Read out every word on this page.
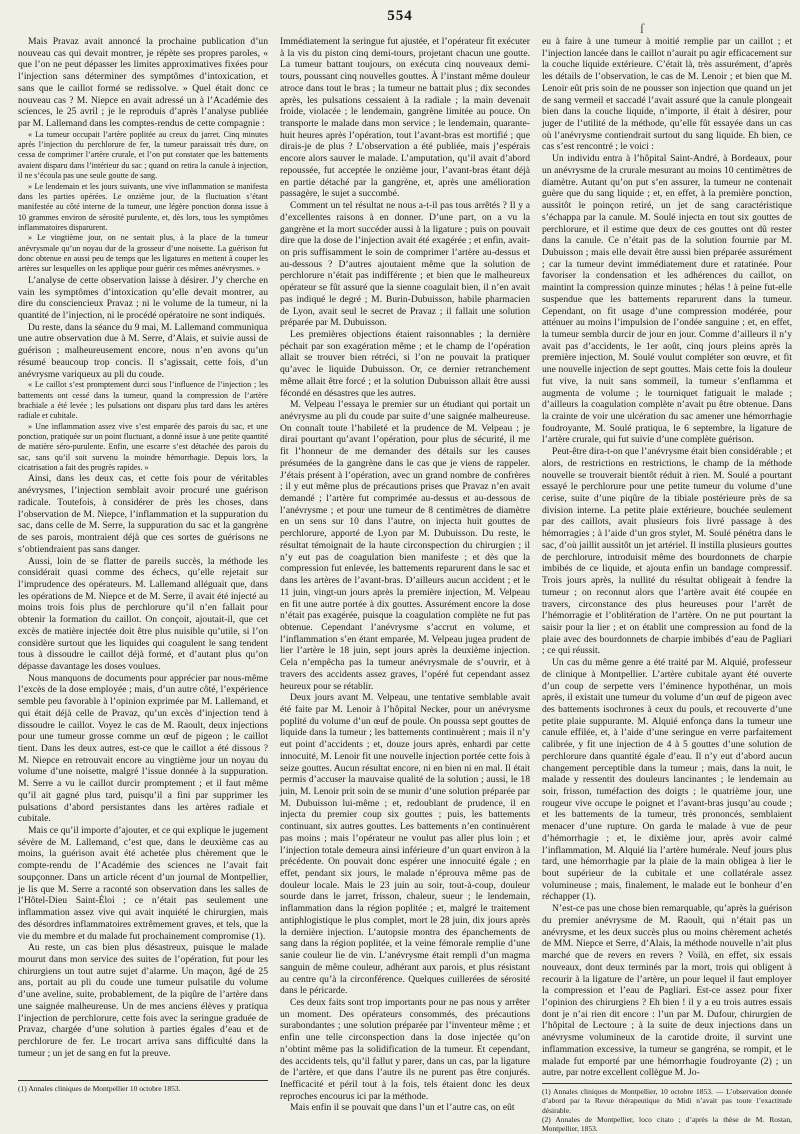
554
ſ

Mais Pravaz avait annoncé la prochaine publication d’un nouveau cas qui devait montrer, je répète ses propres paroles, « que l’on ne peut dépasser les limites approximatives fixées pour l’injection sans déterminer des symptômes d’intoxication, et sans que le caillot formé se redissolve. » Quel était donc ce nouveau cas ? M. Niepce en avait adressé un à l’Académie des sciences, le 25 avril ; je le reproduis d’après l’analyse publiée par M. Lallemand dans les comptes-rendus de cette compagnie :

« La tumeur occupait l’artère poplitée au creux du jarret. Cinq minutes après l’injection du perchlorure de fer, la tumeur paraissait très dure, on cessa de comprimer l’artère crurale, et l’on put constater que les battements avaient disparu dans l’intérieur du sac ; quand on retira la canule à injection, il ne s’écoula pas une seule goutte de sang.

» Le lendemain et les jours suivants, une vive inflammation se manifesta dans les parties opérées. Le onzième jour, de la fluctuation s’étant manifestée au côté interne de la tumeur, une légère ponction donna issue à 10 grammes environ de sérosité purulente, et, dès lors, tous les symptômes inflammatoires disparurent.

» Le vingtième jour, on ne sentait plus, à la place de la tumeur anévrysmale qu’un noyau dur de la grosseur d’une noisette. La guérison fut donc obtenue en aussi peu de temps que les ligatures en mettent à couper les artères sur lesquelles on les applique pour guérir ces mêmes anévrysmes. »

L’analyse de cette observation laisse à désirer. J’y cherche en vain les symptômes d’intoxication qu’elle devait montrer, au dire du consciencieux Pravaz ; ni le volume de la tumeur, ni la quantité de l’injection, ni le procédé opératoire ne sont indiqués.

Du reste, dans la séance du 9 mai, M. Lallemand communiqua une autre observation due à M. Serre, d’Alais, et suivie aussi de guérison ; malheureusement encore, nous n’en avons qu’un résumé beaucoup trop concis. Il s’agissait, cette fois, d’un anévrysme variqueux au pli du coude.

« Le caillot s’est promptement durci sous l’influence de l’injection ; les battements ont cessé dans la tumeur, quand la compression de l’artère brachiale a été levée ; les pulsations ont disparu plus tard dans les artères radiale et cubitale.

» Une inflammation assez vive s’est emparée des parois du sac, et une ponction, pratiquée sur un point fluctuant, a donné issue à une petite quantité de matière séro-purulente. Enfin, une escarre s’est détachée des parois du sac, sans qu’il soit survenu la moindre hémorrhagie. Depuis lors, la cicatrisation a fait des progrès rapides. »

Ainsi, dans les deux cas, et cette fois pour de véritables anévrysmes, l’injection semblait avoir procuré une guérison radicale. Toutefois, à considérer de près les choses, dans l’observation de M. Niepce, l’inflammation et la suppuration du sac, dans celle de M. Serre, la suppuration du sac et la gangrène de ses parois, montraient déjà que ces sortes de guérisons ne s’obtiendraient pas sans danger.

Aussi, loin de se flatter de pareils succès, la méthode les considérait quasi comme des échecs, qu’elle rejetait sur l’imprudence des opérateurs. M. Lallemand alléguait que, dans les opérations de M. Niepce et de M. Serre, il avait été injecté au moins trois fois plus de perchlorure qu’il n’en fallait pour obtenir la formation du caillot. On conçoit, ajoutait-il, que cet excès de matière injectée doit être plus nuisible qu’utile, si l’on considère surtout que les liquides qui coagulent le sang tendent tous à dissoudre le caillot déjà formé, et d’autant plus qu’on dépasse davantage les doses voulues.

Nous manquons de documents pour apprécier par nous-même l’excès de la dose employée ; mais, d’un autre côté, l’expérience semble peu favorable à l’opinion exprimée par M. Lallemand, et qui était déjà celle de Pravaz, qu’un excès d’injection tend à dissoudre le caillot. Voyez le cas de M. Raoult, deux injections pour une tumeur grosse comme un œuf de pigeon ; le caillot tient. Dans les deux autres, est-ce que le caillot a été dissous ? M. Niepce en retrouvait encore au vingtième jour un noyau du volume d’une noisette, malgré l’issue donnée à la suppuration. M. Serre a vu le caillot durcir promptement ; et il faut même qu’il ait gagné plus tard, puisqu’il a fini par supprimer les pulsations d’abord persistantes dans les artères radiale et cubitale.

Mais ce qu’il importe d’ajouter, et ce qui explique le jugement sévère de M. Lallemand, c’est que, dans le deuxième cas au moins, la guérison avait été achetée plus chèrement que le compte-rendu de l’Académie des sciences ne l’avait fait soupçonner. Dans un article récent d’un journal de Montpellier, je lis que M. Serre a raconté son observation dans les salles de l’Hôtel-Dieu Saint-Éloi ; ce n’était pas seulement une inflammation assez vive qui avait inquiété le chirurgien, mais des désordres inflammatoires extrêmement graves, et tels, que la vie du membre et du malade fut prochainement compromise (1).

Au reste, un cas bien plus désastreux, puisque le malade mourut dans mon service des suites de l’opération, fut pour les chirurgiens un tout autre sujet d’alarme. Un maçon, âgé de 25 ans, portait au pli du coude une tumeur pulsatile du volume d’une aveline, suite, probablement, de la piqûre de l’artère dans une saignée malheureuse. Un de mes anciens élèves y pratiqua l’injection de perchlorure, cette fois avec la seringue graduée de Pravaz, chargée d’une solution à parties égales d’eau et de perchlorure de fer. Le trocart arriva sans difficulté dans la tumeur ; un jet de sang en fut la preuve.

(1) Annales cliniques de Montpellier 10 octobre 1853.

Immédiatement la seringue fut ajustée, et l’opérateur fit exécuter à la vis du piston cinq demi-tours, projetant chacun une goutte. La tumeur battant toujours, on exécuta cinq nouveaux demi-tours, poussant cinq nouvelles gouttes. À l’instant même douleur atroce dans tout le bras ; la tumeur ne battait plus ; dix secondes après, les pulsations cessaient à la radiale ; la main devenait froide, violacée ; le lendemain, gangrène limitée au pouce. On transporte le malade dans mon service ; le lendemain, quarante-huit heures après l’opération, tout l’avant-bras est mortifié ; que dirais-je de plus ? L’observation a été publiée, mais j’espérais encore alors sauver le malade. L’amputation, qu’il avait d’abord repoussée, fut acceptée le onzième jour, l’avant-bras étant déjà en partie détaché par la gangrène, et, après une amélioration passagère, le sujet a succombé.

Comment un tel résultat ne nous a-t-il pas tous arrêtés ? Il y a d’excellentes raisons à en donner. D’une part, on a vu la gangrène et la mort succéder aussi à la ligature ; puis on pouvait dire que la dose de l’injection avait été exagérée ; et enfin, avait-on pris suffisamment le soin de comprimer l’artère au-dessus et au-dessous ? D’autres ajoutaient même que la solution de perchlorure n’était pas indifférente ; et bien que le malheureux opérateur se fût assuré que la sienne coagulait bien, il n’en avait pas indiqué le degré ; M. Burin-Dubuisson, habile pharmacien de Lyon, avait seul le secret de Pravaz ; il fallait une solution préparée par M. Dubuisson.

Les premières objections étaient raisonnables ; la dernière péchait par son exagération même ; et le champ de l’opération allait se trouver bien rétréci, si l’on ne pouvait la pratiquer qu’avec le liquide Dubuisson. Or, ce dernier retranchement même allait être forcé ; et la solution Dubuisson allait être aussi fécondé en désastres que les autres.

M. Velpeau l’essaya le premier sur un étudiant qui portait un anévrysme au pli du coude par suite d’une saignée malheureuse. On connaît toute l’habileté et la prudence de M. Velpeau ; je dirai pourtant qu’avant l’opération, pour plus de sécurité, il me fit l’honneur de me demander des détails sur les causes présumées de la gangrène dans le cas que je viens de rappeler. J’étais présent à l’opération, avec un grand nombre de confrères ; il y eut même plus de précautions prises que Pravaz n’en avait demandé ; l’artère fut comprimée au-dessus et au-dessous de l’anévrysme ; et pour une tumeur de 8 centimètres de diamètre en un sens sur 10 dans l’autre, on injecta huit gouttes de perchlorure, apporté de Lyon par M. Dubuisson. Du reste, le résultat témoignait de la haute circonspection du chirurgien ; il n’y eut pas de coagulation bien manifeste ; et dès que la compression fut enlevée, les battements reparurent dans le sac et dans les artères de l’avant-bras. D’ailleurs aucun accident ; et le 11 juin, vingt-un jours après la première injection, M. Velpeau en fit une autre portée à dix gouttes. Assurément encore la dose n’était pas exagérée, puisque la coagulation complète ne fut pas obtenue. Cependant l’anévrysme s’accrut en volume, et l’inflammation s’en étant emparée, M. Velpeau jugea prudent de lier l’artère le 18 juin, sept jours après la deuxième injection. Cela n’empêcha pas la tumeur anévrysmale de s’ouvrir, et à travers des accidents assez graves, l’opéré fut cependant assez heureux pour se rétablir.

Deux jours avant M. Velpeau, une tentative semblable avait été faite par M. Lenoir à l’hôpital Necker, pour un anévrysme poplité du volume d’un œuf de poule. On poussa sept gouttes de liquide dans la tumeur ; les battements continuèrent ; mais il n’y eut point d’accidents ; et, douze jours après, enhardi par cette innocuité, M. Lenoir fit une nouvelle injection portée cette fois à seize gouttes. Aucun résultat encore, ni en bien ni en mal. Il était permis d’accuser la mauvaise qualité de la solution ; aussi, le 18 juin, M. Lenoir prit soin de se munir d’une solution préparée par M. Dubuisson lui-même ; et, redoublant de prudence, il en injecta du premier coup six gouttes ; puis, les battements continuant, six autres gouttes. Les battements n’en continuèrent pas moins ; mais l’opérateur ne voulut pas aller plus loin ; et l’injection totale demeura ainsi inférieure d’un quart environ à la précédente. On pouvait donc espérer une innocuité égale ; en effet, pendant six jours, le malade n’éprouva même pas de douleur locale. Mais le 23 juin au soir, tout-à-coup, douleur sourde dans le jarret, frisson, chaleur, sueur ; le lendemain, inflammation dans la région poplitée ; et, malgré le traitement antiphlogistique le plus complet, mort le 28 juin, dix jours après la dernière injection. L’autopsie montra des épanchements de sang dans la région poplitée, et la veine fémorale remplie d’une sanie couleur lie de vin. L’anévrysme était rempli d’un magma sanguin de même couleur, adhérant aux parois, et plus résistant au centre qu’à la circonférence. Quelques cuillerées de sérosité dans le péricarde.

Ces deux faits sont trop importants pour ne pas nous y arrêter un moment. Des opérateurs consommés, des précautions surabondantes ; une solution préparée par l’inventeur même ; et enfin une telle circonspection dans la dose injectée qu’on n’obtint même pas la solidification de la tumeur. Et cependant, des accidents tels, qu’il fallut y parer, dans un cas, par la ligature de l’artère, et que dans l’autre ils ne purent pas être conjurés. Inefficacité et péril tout à la fois, tels étaient donc les deux reproches encourus ici par la méthode.

Mais enfin il se pouvait que dans l’un et l’autre cas, on eût

eu à faire à une tumeur à moitié remplie par un caillot ; et l’injection lancée dans le caillot n’aurait pu agir efficacement sur la couche liquide extérieure. C’était là, très assurément, d’après les détails de l’observation, le cas de M. Lenoir ; et bien que M. Lenoir eût pris soin de ne pousser son injection que quand un jet de sang vermeil et saccadé l’avait assuré que la canule plongeait bien dans la couche liquide, n’importe, il était à désirer, pour juger de l’utilité de la méthode, qu’elle fût essayée dans un cas où l’anévrysme contiendrait surtout du sang liquide. Eh bien, ce cas s’est rencontré ; le voici :

Un individu entra à l’hôpital Saint-André, à Bordeaux, pour un anévrysme de la crurale mesurant au moins 10 centimètres de diamètre. Autant qu’on put s’en assurer, la tumeur ne contenait guère que du sang liquide ; et, en effet, à la première ponction, aussitôt le poinçon retiré, un jet de sang caractéristique s’échappa par la canule. M. Soulé injecta en tout six gouttes de perchlorure, et il estime que deux de ces gouttes ont dû rester dans la canule. Ce n’était pas de la solution fournie par M. Dubuisson ; mais elle devait être aussi bien préparée assurément ; car la tumeur devint immédiatement dure et ratatinée. Pour favoriser la condensation et les adhérences du caillot, on maintint la compression quinze minutes ; hélas ! à peine fut-elle suspendue que les battements reparurent dans la tumeur. Cependant, on fit usage d’une compression modérée, pour atténuer au moins l’impulsion de l’ondée sanguine ; et, en effet, la tumeur sembla durcir de jour en jour. Comme d’ailleurs il n’y avait pas d’accidents, le 1er août, cinq jours pleins après la première injection, M. Soulé voulut compléter son œuvre, et fit une nouvelle injection de sept gouttes. Mais cette fois la douleur fut vive, la nuit sans sommeil, la tumeur s’enflamma et augmenta de volume ; le tourniquet fatiguait le malade ; d’ailleurs la coagulation complète n’avait pu être obtenue. Dans la crainte de voir une ulcération du sac amener une hémorrhagie foudroyante, M. Soulé pratiqua, le 6 septembre, la ligature de l’artère crurale, qui fut suivie d’une complète guérison.

Peut-être dira-t-on que l’anévrysme était bien considérable ; et alors, de restrictions en restrictions, le champ de la méthode nouvelle se trouverait bientôt réduit à rien. M. Soulé a pourtant essayé le perchlorure pour une petite tumeur du volume d’une cerise, suite d’une piqûre de la tibiale postérieure près de sa division interne. La petite plaie extérieure, bouchée seulement par des caillots, avait plusieurs fois livré passage à des hémorragies ; à l’aide d’un gros stylet, M. Soulé pénétra dans le sac, d’où jaillit aussitôt un jet artériel. Il instilla plusieurs gouttes de perchlorure, introduisit même des bourdonnets de charpie imbibés de ce liquide, et ajouta enfin un bandage compressif. Trois jours après, la nullité du résultat obligeait à fendre la tumeur ; on reconnut alors que l’artère avait été coupée en travers, circonstance des plus heureuses pour l’arrêt de l’hémorragie et l’oblitération de l’artère. On ne put pourtant la saisir pour la lier ; et on établit une compression au fond de la plaie avec des bourdonnets de charpie imbibés d’eau de Pagliari ; ce qui réussit.

Un cas du même genre a été traité par M. Alquié, professeur de clinique à Montpellier. L’artère cubitale ayant été ouverte d’un coup de serpette vers l’éminence hypothénar, un mois après, il existait une tumeur du volume d’un œuf de pigeon avec des battements isochrones à ceux du pouls, et recouverte d’une petite plaie suppurante. M. Alquié enfonça dans la tumeur une canule effilée, et, à l’aide d’une seringue en verre parfaitement calibrée, y fit une injection de 4 à 5 gouttes d’une solution de perchlorure dans quantité égale d’eau. Il n’y eut d’abord aucun changement perceptible dans la tumeur ; mais, dans la nuit, le malade y ressentit des douleurs lancinantes ; le lendemain au soir, frisson, tuméfaction des doigts ; le quatrième jour, une rougeur vive occupe le poignet et l’avant-bras jusqu’au coude ; et les battements de la tumeur, très prononcés, semblaient menacer d’une rupture. On garda le malade à vue de peur d’hémorrhagie ; et, le dixième jour, après avoir calmé l’inflammation, M. Alquié lia l’artère humérale. Neuf jours plus tard, une hémorrhagie par la plaie de la main obligea à lier le bout supérieur de la cubitale et une collatérale assez volumineuse ; mais, finalement, le malade eut le bonheur d’en réchapper (1).

N’est-ce pas une chose bien remarquable, qu’après la guérison du premier anévrysme de M. Raoult, qui n’était pas un anévrysme, et les deux succès plus ou moins chèrement achetés de MM. Niepce et Serre, d’Alais, la méthode nouvelle n’ait plus marché que de revers en revers ? Voilà, en effet, six essais nouveaux, dont deux terminés par la mort, trois qui obligent à recourir à la ligature de l’artère, un pour lequel il faut employer la compression et l’eau de Pagliari. Est-ce assez pour fixer l’opinion des chirurgiens ? Eh bien ! il y a eu trois autres essais dont je n’ai rien dit encore : l’un par M. Dufour, chirurgien de l’hôpital de Lectoure ; à la suite de deux injections dans un anévrysme volumineux de la carotide droite, il survint une inflammation excessive, la tumeur se gangréna, se rompit, et le malade fut emporté par une hémorrhagie foudroyante (2) ; un autre, par notre excellent collègue M. Jo-

(1) Annales cliniques de Montpellier, 10 octobre 1853. — L’observation donnée d’abord par la Revue thérapeutique du Midi n’avait pas toute l’exactitude désirable.

(2) Annales de Montpellier, loco citato ; d’après la thèse de M. Rostan, Montpellier, 1853.
